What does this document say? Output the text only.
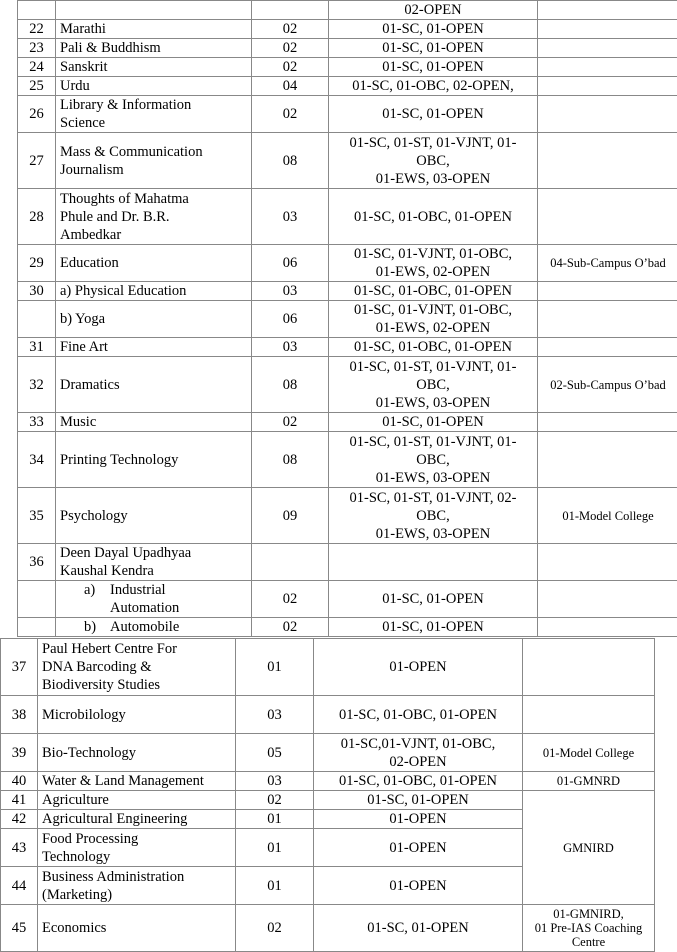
			02-OPEN	
22	Marathi	02	01-SC, 01-OPEN	

23	Pali & Buddhism	02	01-SC, 01-OPEN	

24	Sanskrit	02	01-SC, 01-OPEN	

25	Urdu	04	01-SC, 01-OBC, 02-OPEN,	

26	Library & Information
Science	02	01-SC, 01-OPEN	

27	Mass & Communication
Journalism	08	01-SC, 01-ST, 01-VJNT, 01-
OBC,
01-EWS, 03-OPEN	

28	Thoughts of Mahatma
Phule and Dr. B.R.
Ambedkar	03	01-SC, 01-OBC, 01-OPEN	

29	Education	06	01-SC, 01-VJNT, 01-OBC,
01-EWS, 02-OPEN	04-Sub-Campus O’bad

30	a) Physical Education	03	01-SC, 01-OBC, 01-OPEN	

	b) Yoga	06	01-SC, 01-VJNT, 01-OBC,
01-EWS, 02-OPEN	

31	Fine Art	03	01-SC, 01-OBC, 01-OPEN	

32	Dramatics	08	01-SC, 01-ST, 01-VJNT, 01-
OBC,
01-EWS, 03-OPEN	02-Sub-Campus O’bad

33	Music	02	01-SC, 01-OPEN	

34	Printing Technology	08	01-SC, 01-ST, 01-VJNT, 01-
OBC,
01-EWS, 03-OPEN	

35	Psychology	09	01-SC, 01-ST, 01-VJNT, 02-
OBC,
01-EWS, 03-OPEN	01-Model College

36	Deen Dayal Upadhyaa
Kaushal Kendra			

	a) Industrial
Automation	02	01-SC, 01-OPEN	

	b) Automobile	02	01-SC, 01-OPEN	

37	Paul Hebert Centre For
DNA Barcoding &
Biodiversity Studies	01	01-OPEN	

38	Microbilology	03	01-SC, 01-OBC, 01-OPEN	

39	Bio-Technology	05	01-SC,01-VJNT, 01-OBC,
02-OPEN	01-Model College

40	Water & Land Management	03	01-SC, 01-OBC, 01-OPEN	01-GMNRD

41	Agriculture	02	01-SC, 01-OPEN	GMNIRD
42	Agricultural Engineering	01	01-OPEN	

43	Food Processing
Technology	01	01-OPEN	

44	Business Administration
(Marketing)	01	01-OPEN	

45	Economics	02	01-SC, 01-OPEN	01-GMNIRD,
01 Pre-IAS Coaching
Centre
